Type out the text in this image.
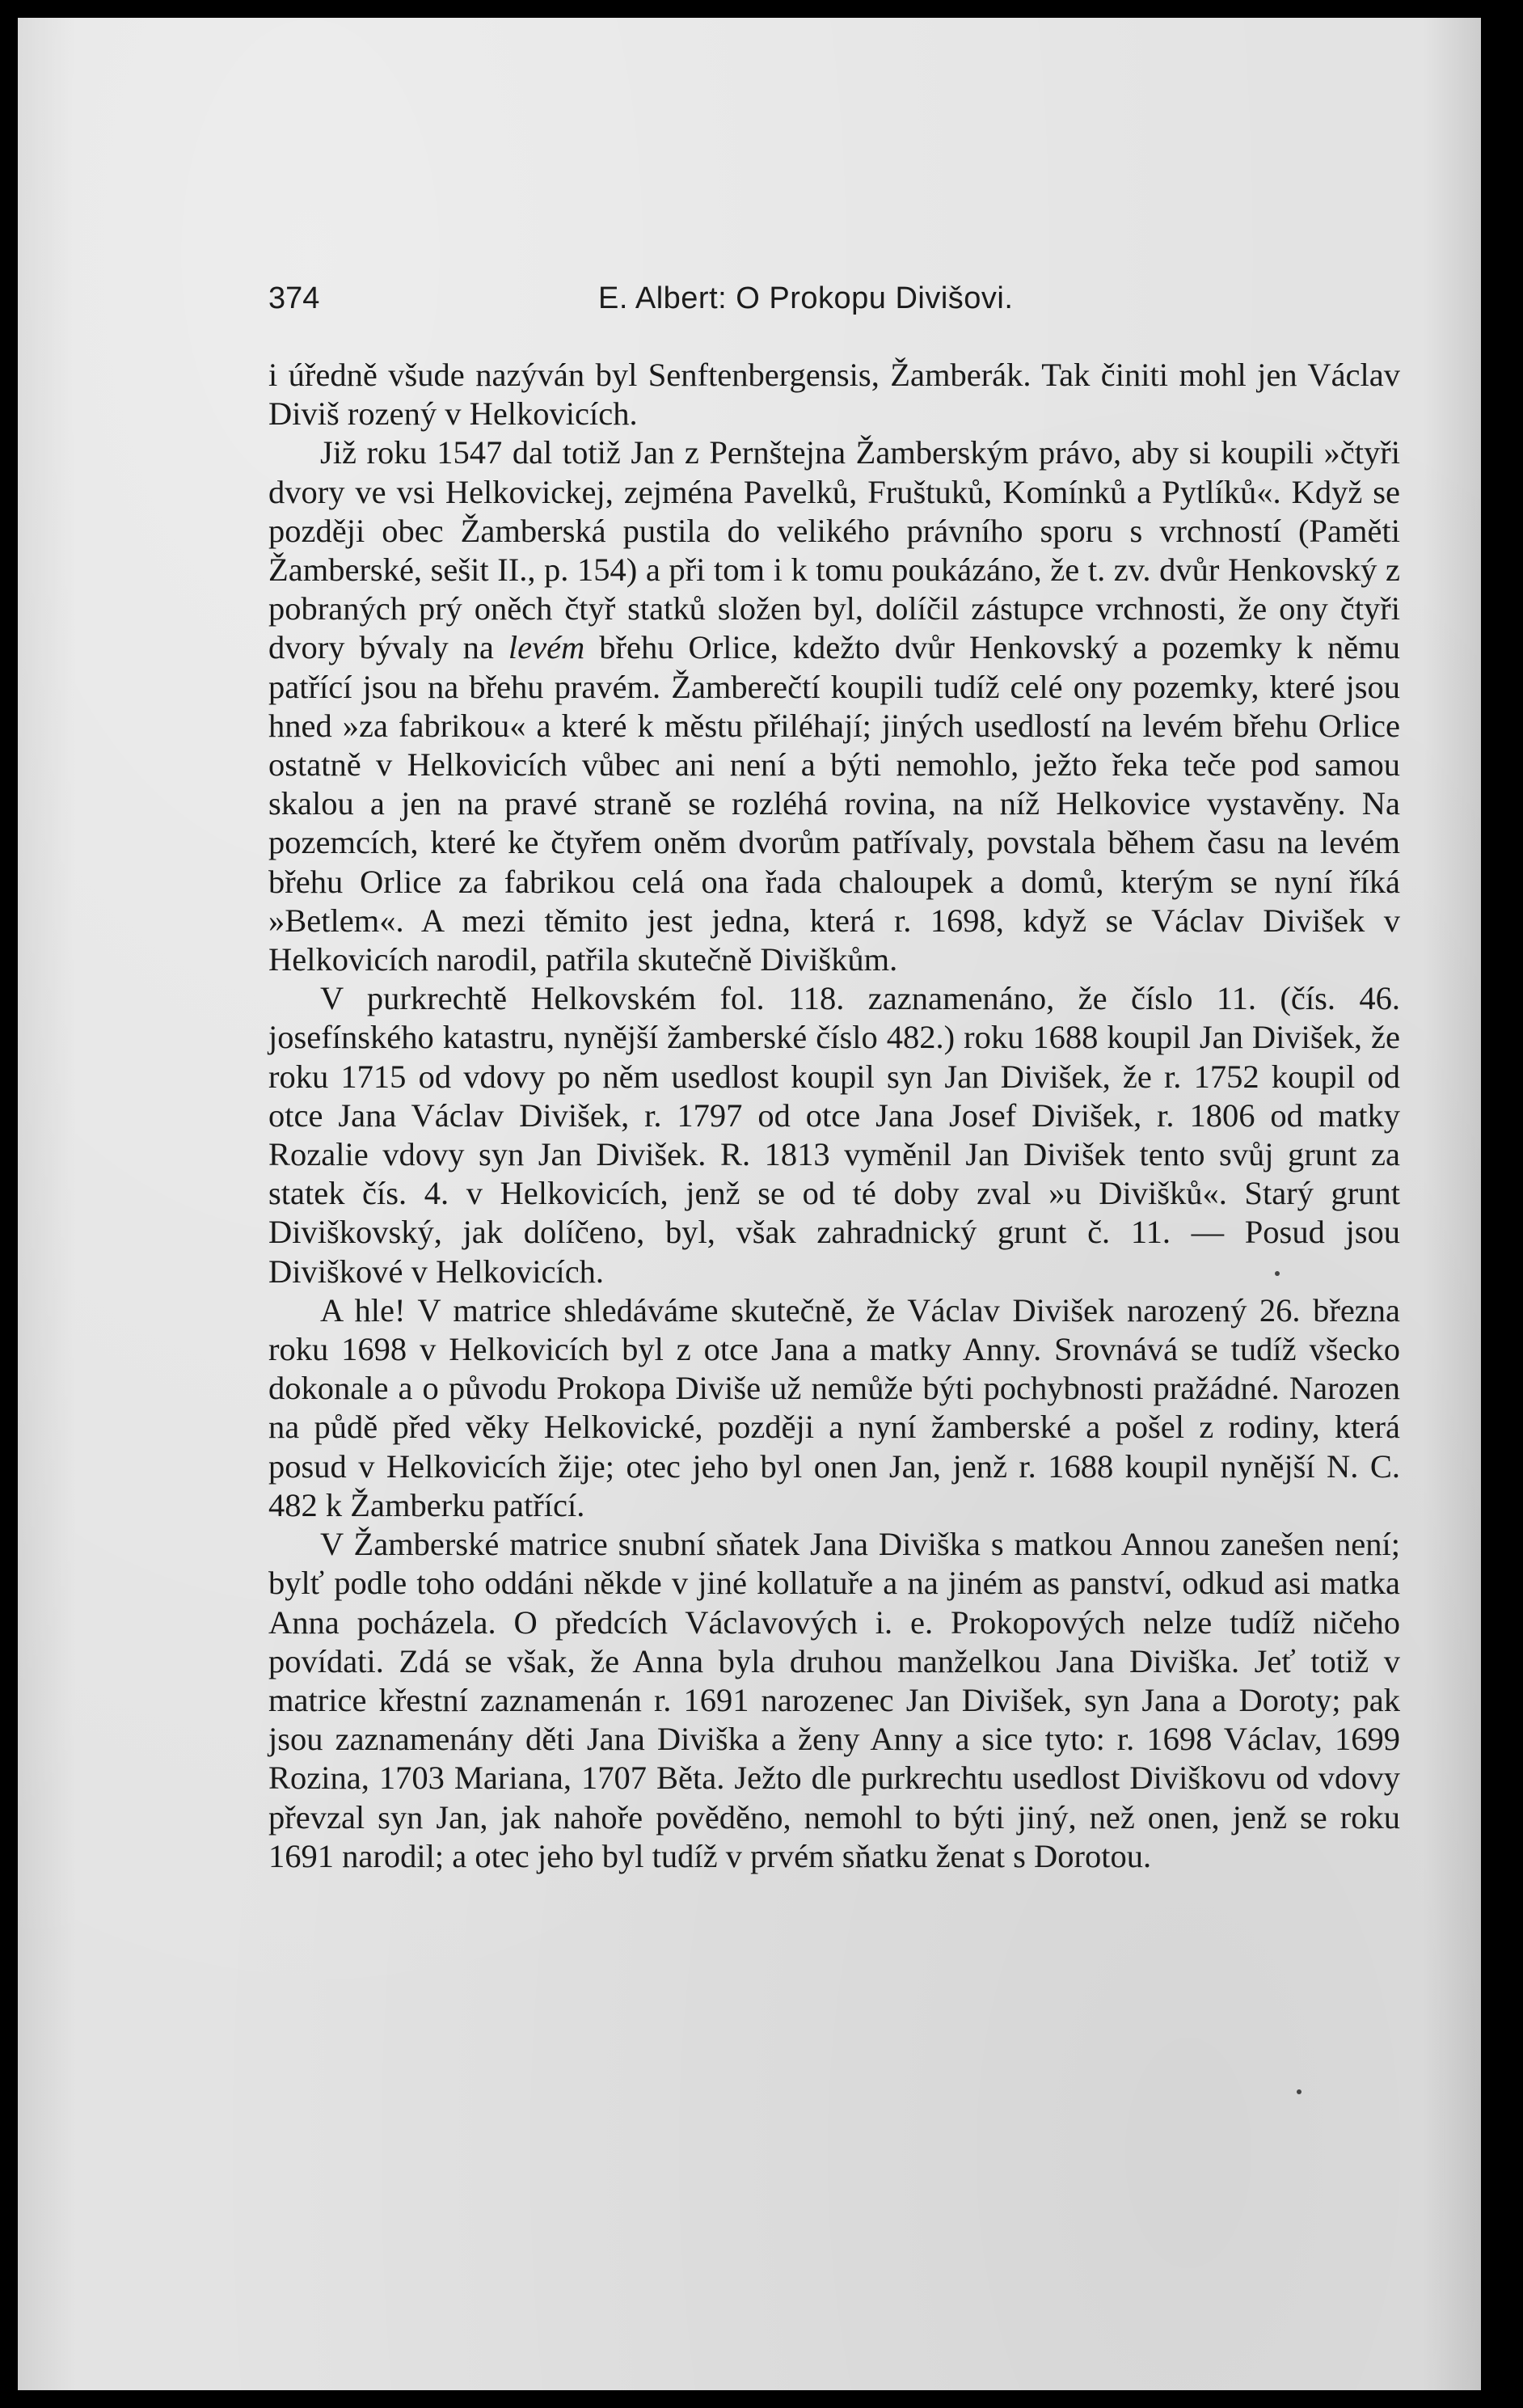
374	E. Albert: O Prokopu Divišovi.

i úředně všude nazýván byl Senftenbergensis, Žamberák. Tak činiti mohl jen Václav Diviš rozený v Helkovicích.

Již roku 1547 dal totiž Jan z Pernštejna Žamberským právo, aby si koupili »čtyři dvory ve vsi Helkovickej, zejména Pavelků, Fruštuků, Komínků a Pytlíků«. Když se později obec Žamberská pustila do velikého právního sporu s vrchností (Paměti Žamberské, sešit II., p. 154) a při tom i k tomu poukázáno, že t. zv. dvůr Henkovský z pobraných prý oněch čtyř statků složen byl, dolíčil zástupce vrchnosti, že ony čtyři dvory bývaly na levém břehu Orlice, kdežto dvůr Henkovský a pozemky k němu patřící jsou na břehu pravém. Žamberečtí koupili tudíž celé ony pozemky, které jsou hned »za fabrikou« a které k městu přiléhají; jiných usedlostí na levém břehu Orlice ostatně v Helkovicích vůbec ani není a býti nemohlo, ježto řeka teče pod samou skalou a jen na pravé straně se rozléhá rovina, na níž Helkovice vystavěny. Na pozemcích, které ke čtyřem oněm dvorům patřívaly, povstala během času na levém břehu Orlice za fabrikou celá ona řada chaloupek a domů, kterým se nyní říká »Betlem«. A mezi těmito jest jedna, která r. 1698, když se Václav Divišek v Helkovicích narodil, patřila skutečně Diviškům.

V purkrechtě Helkovském fol. 118. zaznamenáno, že číslo 11. (čís. 46. josefínského katastru, nynější žamberské číslo 482.) roku 1688 koupil Jan Divišek, že roku 1715 od vdovy po něm usedlost koupil syn Jan Divišek, že r. 1752 koupil od otce Jana Václav Divišek, r. 1797 od otce Jana Josef Divišek, r. 1806 od matky Rozalie vdovy syn Jan Divišek. R. 1813 vyměnil Jan Divišek tento svůj grunt za statek čís. 4. v Helkovicích, jenž se od té doby zval »u Divišků«. Starý grunt Diviškovský, jak dolíčeno, byl, však zahradnický grunt č. 11. — Posud jsou Diviškové v Helkovicích.

A hle! V matrice shledáváme skutečně, že Václav Divišek narozený 26. března roku 1698 v Helkovicích byl z otce Jana a matky Anny. Srovnává se tudíž všecko dokonale a o původu Prokopa Diviše už nemůže býti pochybnosti pražádné. Narozen na půdě před věky Helkovické, později a nyní žamberské a pošel z rodiny, která posud v Helkovicích žije; otec jeho byl onen Jan, jenž r. 1688 koupil nynější N. C. 482 k Žamberku patřící.

V Žamberské matrice snubní sňatek Jana Diviška s matkou Annou zanešen není; bylť podle toho oddáni někde v jiné kollatuře a na jiném as panství, odkud asi matka Anna pocházela. O předcích Václavových i. e. Prokopových nelze tudíž ničeho povídati. Zdá se však, že Anna byla druhou manželkou Jana Diviška. Jeť totiž v matrice křestní zaznamenán r. 1691 narozenec Jan Divišek, syn Jana a Doroty; pak jsou zaznamenány děti Jana Diviška a ženy Anny a sice tyto: r. 1698 Václav, 1699 Rozina, 1703 Mariana, 1707 Běta. Ježto dle purkrechtu usedlost Diviškovu od vdovy převzal syn Jan, jak nahoře pověděno, nemohl to býti jiný, než onen, jenž se roku 1691 narodil; a otec jeho byl tudíž v prvém sňatku ženat s Dorotou.
